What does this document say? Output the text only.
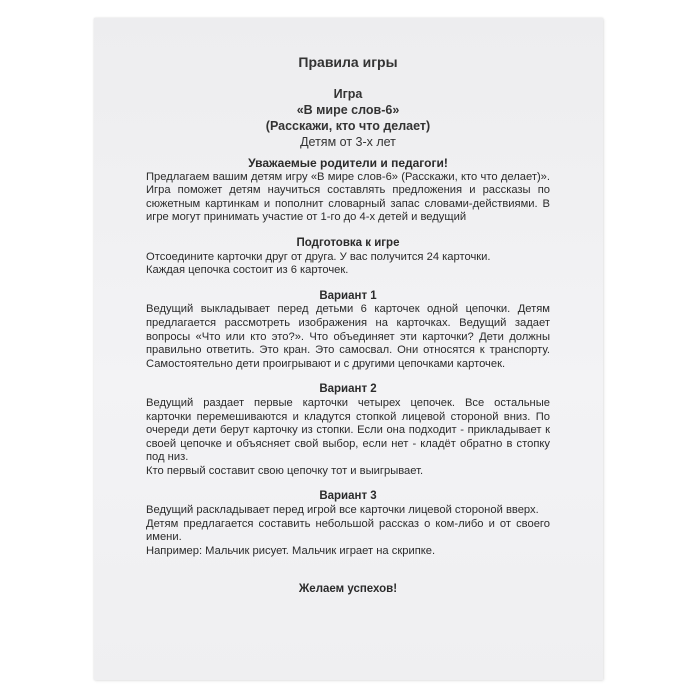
Правила игры
Игра
«В мире слов-6»
(Расскажи, кто что делает)
Детям от 3-х лет
Уважаемые родители и педагоги!

Предлагаем вашим детям игру «В мире слов-6» (Расскажи, кто что делает)». Игра поможет детям научиться составлять предложения и рассказы по сюжетным картинкам и пополнит словарный запас словами-действиями. В игре могут принимать участие от 1-го до 4-х детей и ведущий

Подготовка к игре

Отсоедините карточки друг от друга. У вас получится 24 карточки.

Каждая цепочка состоит из 6 карточек.

Вариант 1

Ведущий выкладывает перед детьми 6 карточек одной цепочки. Детям предлагается рассмотреть изображения на карточках. Ведущий задает вопросы «Что или кто это?». Что объединяет эти карточки? Дети должны правильно ответить. Это кран. Это самосвал. Они относятся к транспорту. Самостоятельно дети проигрывают и с другими цепочками карточек.

Вариант 2

Ведущий раздает первые карточки четырех цепочек. Все остальные карточки перемешиваются и кладутся стопкой лицевой стороной вниз. По очереди дети берут карточку из стопки. Если она подходит - прикладывает к своей цепочке и объясняет свой выбор, если нет - кладёт обратно в стопку под низ.

Кто первый составит свою цепочку тот и выигрывает.

Вариант 3

Ведущий раскладывает перед игрой все карточки лицевой стороной вверх.

Детям предлагается составить небольшой рассказ о ком-либо и от своего имени.

Например: Мальчик рисует. Мальчик играет на скрипке.

Желаем успехов!
